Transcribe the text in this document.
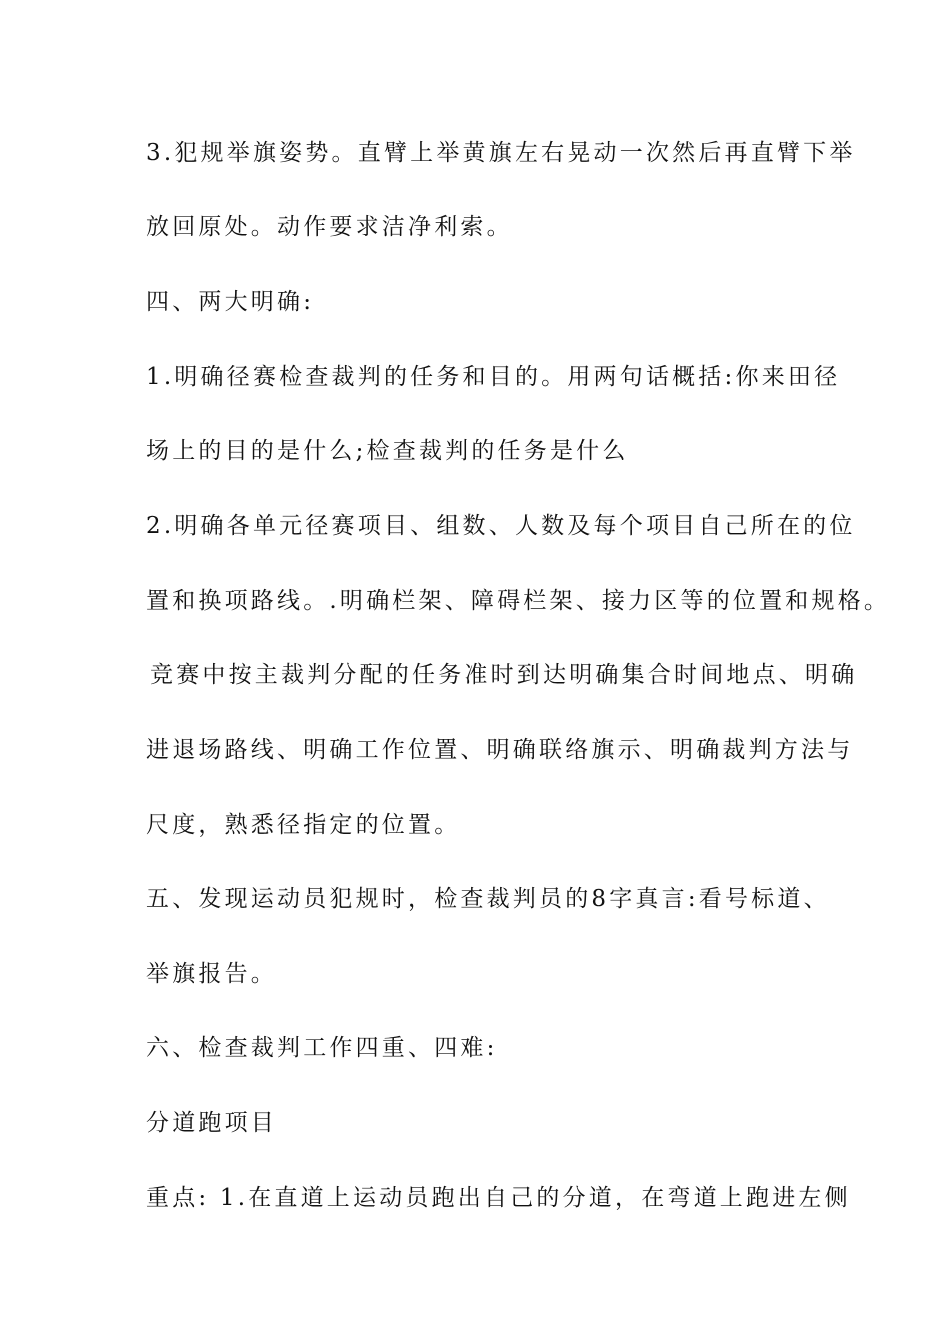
3.犯规举旗姿势。直臂上举黄旗左右晃动一次然后再直臂下举
放回原处。动作要求洁净利索。
四、两大明确:
1.明确径赛检查裁判的任务和目的。用两句话概括:你来田径
场上的目的是什么;检查裁判的任务是什么
2.明确各单元径赛项目、组数、人数及每个项目自己所在的位
置和换项路线。.明确栏架、障碍栏架、接力区等的位置和规格。
竞赛中按主裁判分配的任务准时到达明确集合时间地点、明确
进退场路线、明确工作位置、明确联络旗示、明确裁判方法与
尺度，熟悉径指定的位置。
五、发现运动员犯规时，检查裁判员的8字真言:看号标道、
举旗报告。
六、检查裁判工作四重、四难:
分道跑项目
重点: 1.在直道上运动员跑出自己的分道，在弯道上跑进左侧
